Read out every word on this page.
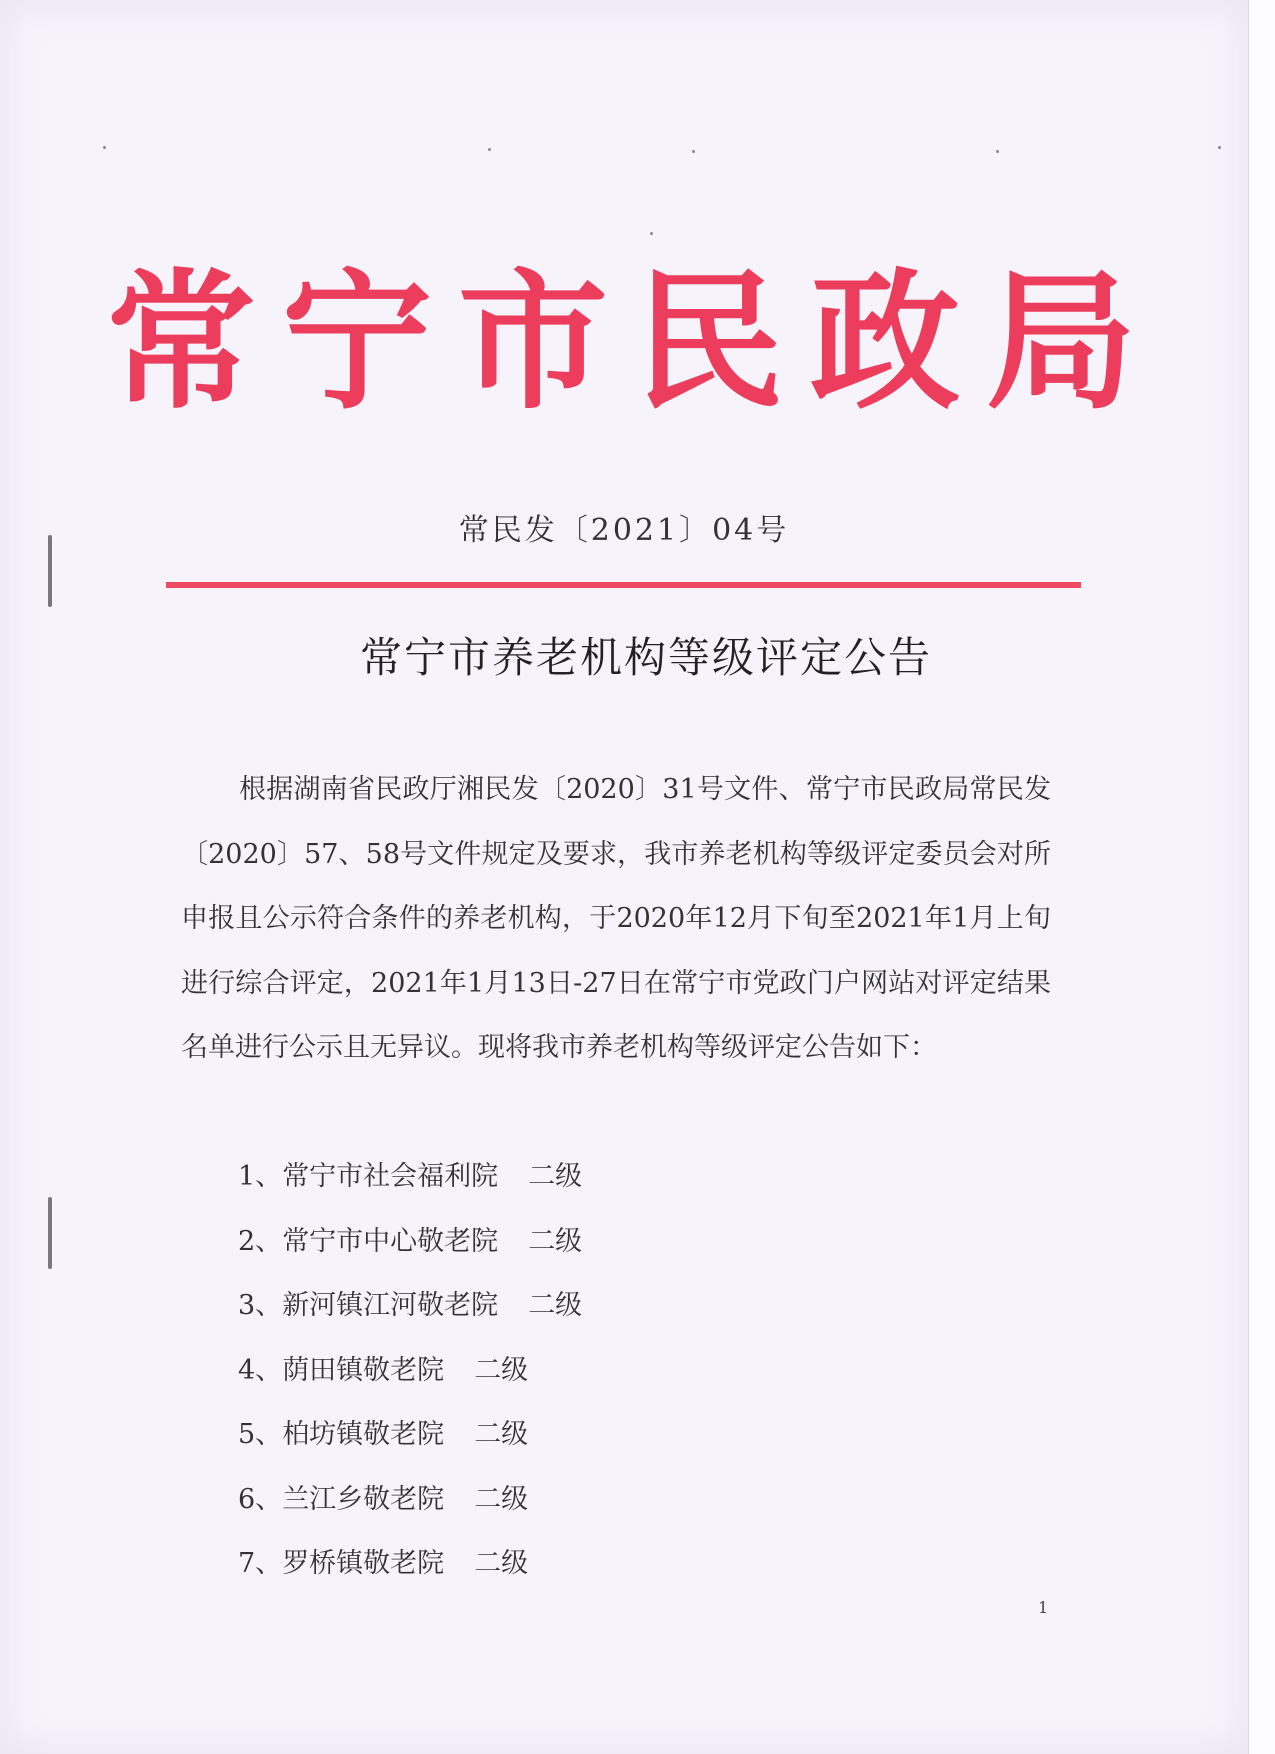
常宁市民政局
常民发〔2021〕04号
常宁市养老机构等级评定公告

根据湖南省民政厅湘民发〔2020〕31号文件、常宁市民政局常民发〔2020〕57、58号文件规定及要求，我市养老机构等级评定委员会对所申报且公示符合条件的养老机构，于2020年12月下旬至2021年1月上旬进行综合评定，2021年1月13日-27日在常宁市党政门户网站对评定结果名单进行公示且无异议。现将我市养老机构等级评定公告如下：

1、常宁市社会福利院 二级
2、常宁市中心敬老院 二级
3、新河镇江河敬老院 二级
4、荫田镇敬老院 二级
5、柏坊镇敬老院 二级
6、兰江乡敬老院 二级
7、罗桥镇敬老院 二级
1
